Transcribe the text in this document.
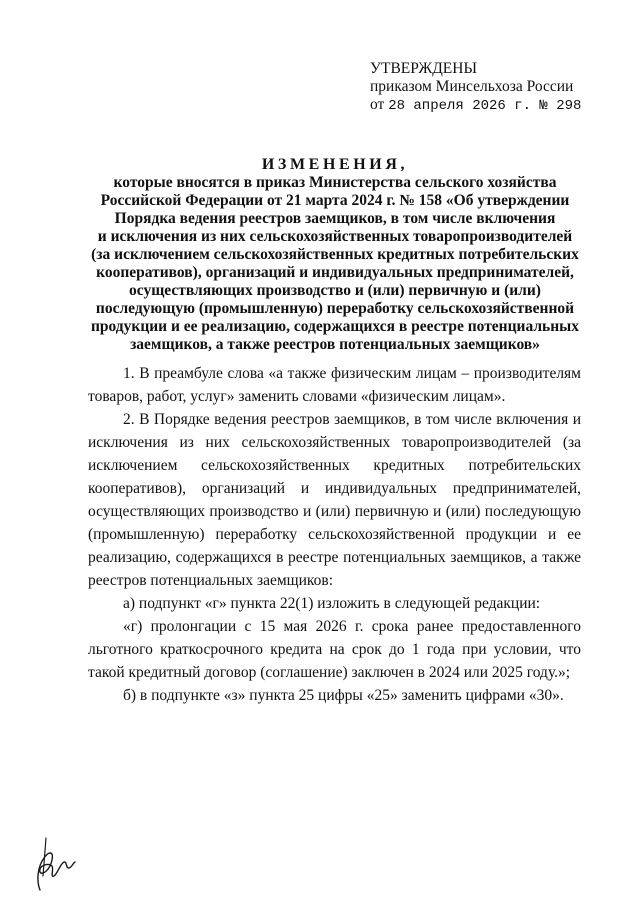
УТВЕРЖДЕНЫ
приказом Минсельхоза России
от 28 апреля 2026 г. № 298
ИЗМЕНЕНИЯ,
которые вносятся в приказ Министерства сельского хозяйства
Российской Федерации от 21 марта 2024 г. № 158 «Об утверждении
Порядка ведения реестров заемщиков, в том числе включения
и исключения из них сельскохозяйственных товаропроизводителей
(за исключением сельскохозяйственных кредитных потребительских
кооперативов), организаций и индивидуальных предпринимателей,
осуществляющих производство и (или) первичную и (или)
последующую (промышленную) переработку сельскохозяйственной
продукции и ее реализацию, содержащихся в реестре потенциальных
заемщиков, а также реестров потенциальных заемщиков»

1. В преамбуле слова «а также физическим лицам – производителям товаров, работ, услуг» заменить словами «физическим лицам».

2. В Порядке ведения реестров заемщиков, в том числе включения и исключения из них сельскохозяйственных товаропроизводителей (за исключением сельскохозяйственных кредитных потребительских кооперативов), организаций и индивидуальных предпринимателей, осуществляющих производство и (или) первичную и (или) последующую (промышленную) переработку сельскохозяйственной продукции и ее реализацию, содержащихся в реестре потенциальных заемщиков, а также реестров потенциальных заемщиков:

а) подпункт «г» пункта 22(1) изложить в следующей редакции:

«г) пролонгации с 15 мая 2026 г. срока ранее предоставленного льготного краткосрочного кредита на срок до 1 года при условии, что такой кредитный договор (соглашение) заключен в 2024 или 2025 году.»;

б) в подпункте «з» пункта 25 цифры «25» заменить цифрами «30».
